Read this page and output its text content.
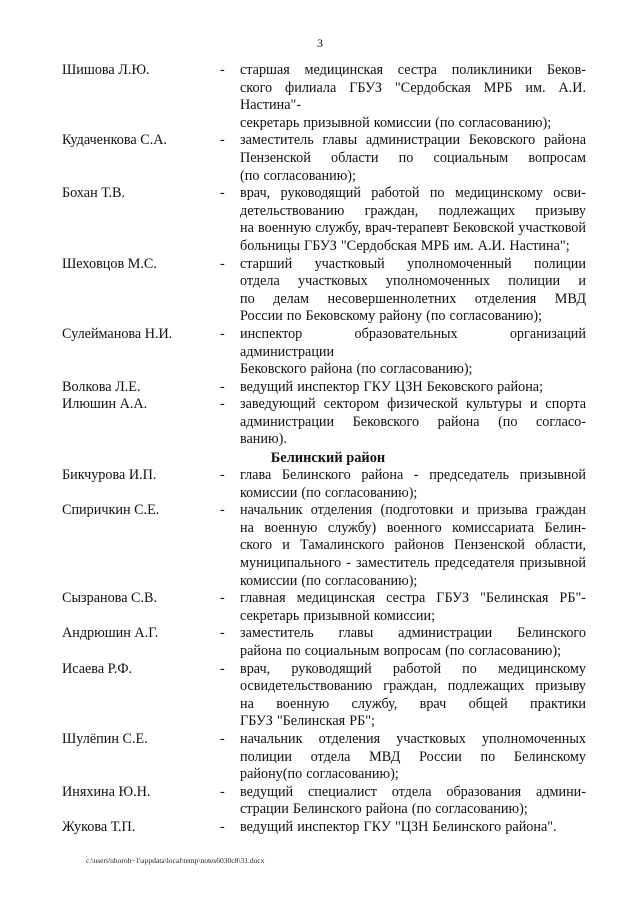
3
Шишова Л.Ю.	-	старшая медицинская сестра поликлиники Беков-
ского филиала ГБУЗ "Сердобская МРБ им. А.И. Настина"-
секретарь призывной комиссии (по согласованию);
Кудаченкова С.А.	-	заместитель главы администрации Бековского района
Пензенской области по социальным вопросам
(по согласованию);
Бохан Т.В.	-	врач, руководящий работой по медицинскому осви-
детельствованию граждан, подлежащих призыву
на военную службу, врач-терапевт Бековской участковой
больницы ГБУЗ "Сердобская МРБ им. А.И. Настина";
Шеховцов М.С.	-	старший участковый уполномоченный полиции
отдела участковых уполномоченных полиции и
по делам несовершеннолетних отделения МВД
России по Бековскому району (по согласованию);
Сулейманова Н.И.	-	инспектор образовательных организаций администрации
Бековского района (по согласованию);
Волкова Л.Е.	-	ведущий инспектор ГКУ ЦЗН Бековского района;
Илюшин А.А.	-	заведующий сектором физической культуры и спорта
администрации Бековского района (по согласо-
ванию).
Белинский район
Бикчурова И.П.	-	глава Белинского района - председатель призывной
комиссии (по согласованию);
Спиричкин С.Е.	-	начальник отделения (подготовки и призыва граждан
на военную службу) военного комиссариата Белин-
ского и Тамалинского районов Пензенской области,
муниципального - заместитель председателя призывной
комиссии (по согласованию);
Сызранова С.В.	-	главная медицинская сестра ГБУЗ "Белинская РБ"-
секретарь призывной комиссии;
Андрюшин А.Г.	-	заместитель главы администрации Белинского
района по социальным вопросам (по согласованию);
Исаева Р.Ф.	-	врач, руководящий работой по медицинскому
освидетельствованию граждан, подлежащих призыву
на военную службу, врач общей практики
ГБУЗ "Белинская РБ";
Шулёпин С.Е.	-	начальник отделения участковых уполномоченных
полиции отдела МВД России по Белинскому
району(по согласованию);
Иняхина Ю.Н.	-	ведущий специалист отдела образования админи-
страции Белинского района (по согласованию);
Жукова Т.П.	-	ведущий инспектор ГКУ "ЦЗН Белинского района".
c:\users\shoroh~1\appdata\local\temp\notes6030c8\31.docx
